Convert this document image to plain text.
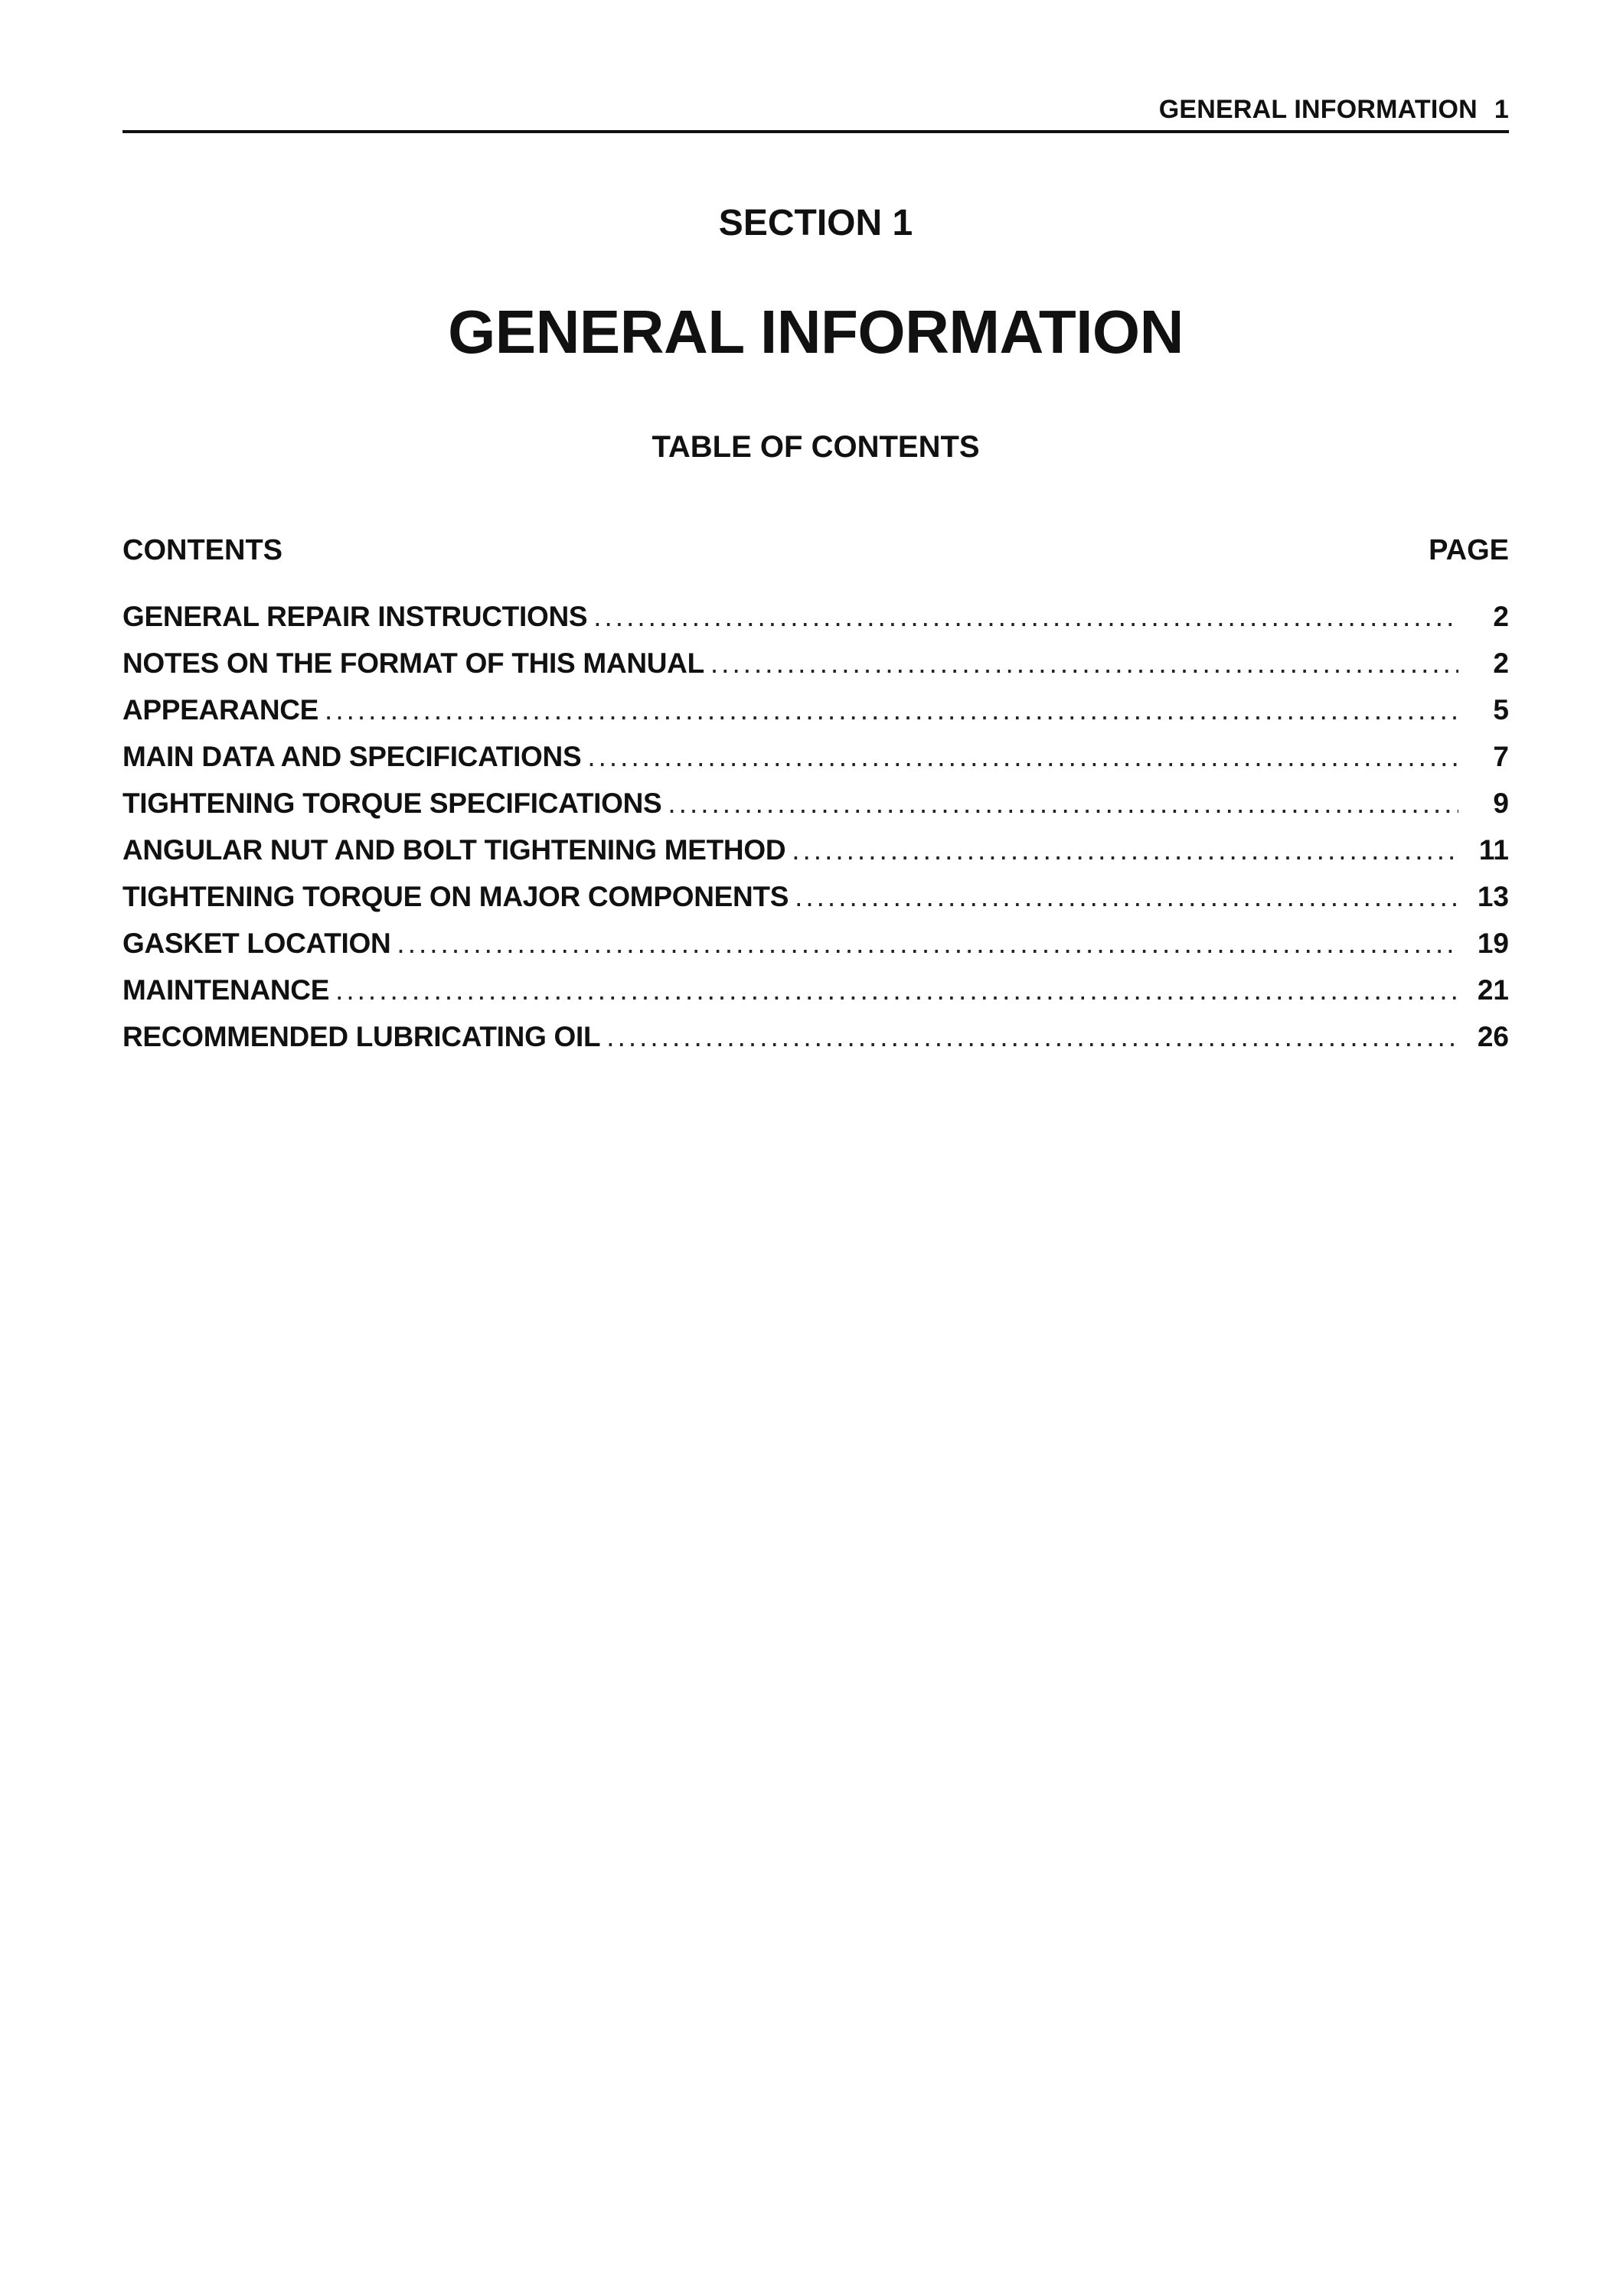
GENERAL INFORMATION 1
SECTION 1
GENERAL INFORMATION
TABLE OF CONTENTS
CONTENTS	PAGE
GENERAL REPAIR INSTRUCTIONS .....	2
NOTES ON THE FORMAT OF THIS MANUAL .....	2
APPEARANCE .....	5
MAIN DATA AND SPECIFICATIONS .....	7
TIGHTENING TORQUE SPECIFICATIONS .....	9
ANGULAR NUT AND BOLT TIGHTENING METHOD .....	11
TIGHTENING TORQUE ON MAJOR COMPONENTS .....	13
GASKET LOCATION .....	19
MAINTENANCE .....	21
RECOMMENDED LUBRICATING OIL .....	26
